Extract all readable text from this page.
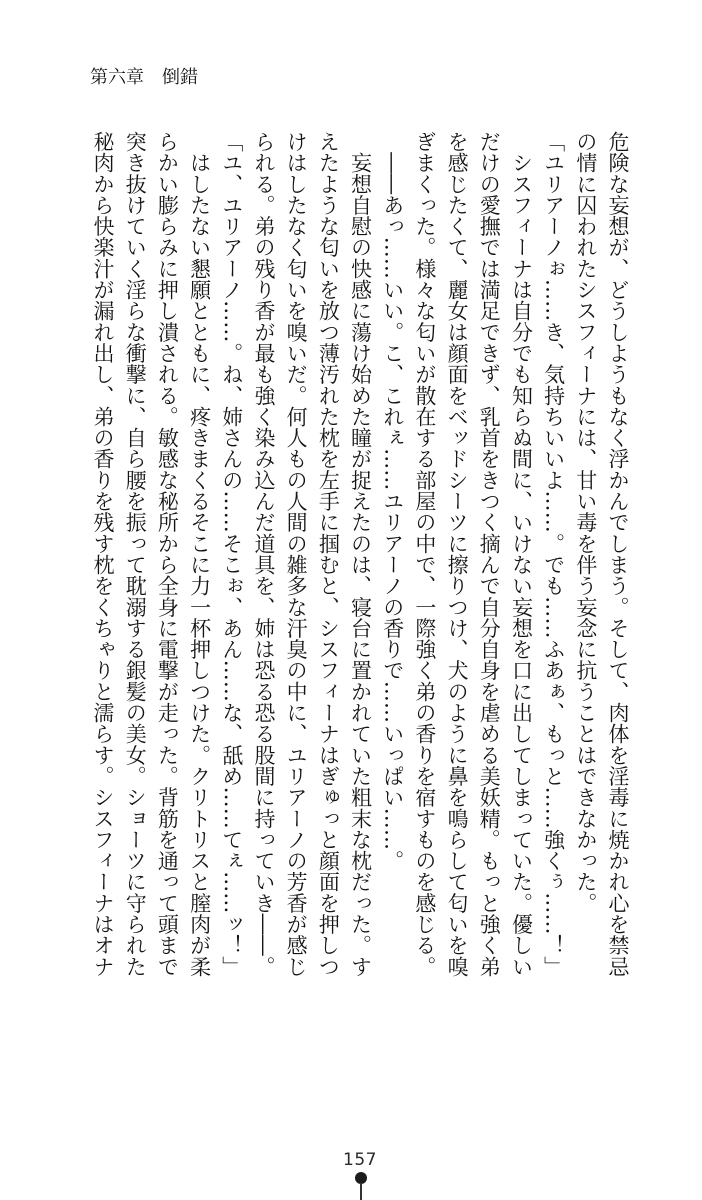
第六章　倒錯
危険な妄想が、どうしようもなく浮かんでしまう。そして、肉体を淫毒に焼かれ心を禁忌
の情に囚われたシスフィーナには、甘い毒を伴う妄念に抗うことはできなかった。
「ユリアーノぉ……き、気持ちいいよ……。でも……ふあぁ、もっと……強くぅ……！」
　シスフィーナは自分でも知らぬ間に、いけない妄想を口に出してしまっていた。優しい
だけの愛撫では満足できず、乳首をきつく摘んで自分自身を虐める美妖精。もっと強く弟
を感じたくて、麗女は顔面をベッドシーツに擦りつけ、犬のように鼻を鳴らして匂いを嗅
ぎまくった。様々な匂いが散在する部屋の中で、一際強く弟の香りを宿すものを感じる。
　――あっ……いい。こ、これぇ……ユリアーノの香りで……いっぱい……。
　妄想自慰の快感に蕩け始めた瞳が捉えたのは、寝台に置かれていた粗末な枕だった。す
えたような匂いを放つ薄汚れた枕を左手に掴むと、シスフィーナはぎゅっと顔面を押しつ
けはしたなく匂いを嗅いだ。何人もの人間の雑多な汗臭の中に、ユリアーノの芳香が感じ
られる。弟の残り香が最も強く染み込んだ道具を、姉は恐る恐る股間に持っていき――。
「ユ、ユリアーノ……。ね、姉さんの……そこぉ、あん……な、舐め……てぇ……ッ！」
　はしたない懇願とともに、疼きまくるそこに力一杯押しつけた。クリトリスと膣肉が柔
らかい膨らみに押し潰される。敏感な秘所から全身に電撃が走った。背筋を通って頭まで
突き抜けていく淫らな衝撃に、自ら腰を振って耽溺する銀髪の美女。ショーツに守られた
秘肉から快楽汁が漏れ出し、弟の香りを残す枕をくちゃりと濡らす。シスフィーナはオナ
157
